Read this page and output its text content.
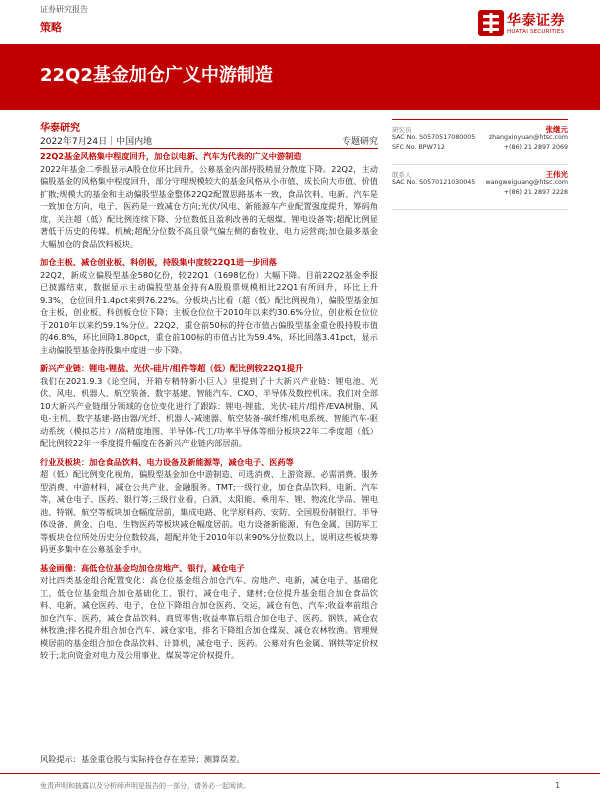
证券研究报告
策略	华泰证券
HUATAI SECURITIES
22Q2基金加仓广义中游制造
华泰研究
2022年7月24日｜中国内地	专题研究

22Q2基金风格集中程度回升，加仓以电新、汽车为代表的广义中游制造

2022年基金二季报显示A股仓位环比回升，公募基金内部持股稍显分散度下降。22Q2，主动偏股基金的风格集中程度回升，部分守理规模较大的基金风格从小市值、成长向大市值、价值扩散;规模大的基金和主动偏股型基金整体22Q2配置思路基本一致，食品饮料、电新、汽车是一致加仓方向，电子、医药是一致减仓方向;光伏/风电、新能源车产业配置强度提升，筹码角度，关注超（低）配比例连续下降、分位数低且盈利改善的无烟煤、锂电设备等;超配比例显著低于历史的传媒、机械;超配分位数不高且景气偏左侧的畜牧业、电力运营商;加仓最多基金大幅加仓的食品饮料板块。

加仓主板、减仓创业板、科创板，持股集中度较22Q1进一步回落

22Q2，新成立偏股型基金580亿份，较22Q1（1698亿份）大幅下降。目前22Q2基金季报已披露结束，数据显示主动偏股型基金持有A股股票规模相比22Q1有所回升，环比上升9.3%，仓位回升1.4pct来到76.22%。分板块占比看（超（低）配比例视角），偏股型基金加仓主板，创业板、科创板仓位下降；主板仓位位于2010年以来约30.6%分位，创业板仓位位于2010年以来约59.1%分位。22Q2，重仓前50标的持仓市值占偏股型基金重仓股持股市值的46.8%，环比回降1.80pct，重仓前100标的市值占比为59.4%，环比回落3.41pct，显示主动偏股型基金持股集中度进一步下降。

新兴产业链：锂电-锂盐、光伏-硅片/组件等超（低）配比例较22Q1提升

我们在2021.9.3《论空间，开箱专精特新小巨人》里提到了十大新兴产业链：锂电池、光伏、风电、机器人、航空装备、数字基建、智能汽车、CXO、半导体及数控机床。我们对全部10大新兴产业链细分领域的仓位变化进行了跟踪：锂电-锂盐、光伏-硅片/组件/EVA树脂、风电-主机、数字基建-路由器/光纤、机器人-减速器、航空装备-碳纤维/机电系统、智能汽车-驱动系统（模拟芯片）/高精度地图、半导体-代工/功率半导体等细分板块22年二季度超（低）配比例较22年一季度提升幅度在各新兴产业链内部居前。

行业及板块：加仓食品饮料、电力设备及新能源等，减仓电子、医药等

超（低）配比例变化视角，偏股型基金加仓中游制造、可选消费、上游资源、必需消费、服务型消费、中游材料，减仓公共产业、金融服务。TMT;一级行业，加仓食品饮料、电新、汽车等，减仓电子、医药、银行等;三级行业看，白酒、太阳能、乘用车、锂、物流化学品、锂电池、特钢、航空等板块加仓幅度居前，集成电路、化学原料药、安防、全国股份制银行、半导体设备、黄金、白电、生物医药等板块减仓幅度居前。电力设备新能源、有色金属、国防军工等板块仓位所处历史分位数较高，超配并处于2010年以来90%分位数以上，说明这些板块筹码更多集中在公募基金手中。

基金画像：高低仓位基金均加仓房地产、银行，减仓电子

对比四类基金组合配置变化：高仓位基金组合加仓汽车、房地产、电新，减仓电子、基础化工，低仓位基金组合加仓基础化工、银行，减仓电子、建材;仓位提升基金组合加仓食品饮料、电新，减仓医药、电子，仓位下降组合加仓医药、交运，减仓有色、汽车;收益率前组合加仓汽车、医药，减仓食品饮料、商贸零售;收益率靠后组合加仓电子、医药、钢铁，减仓农林牧渔;排名提升组合加仓汽车、减仓家电，排名下降组合加仓煤炭、减仓农林牧渔。管理规模居前的基金组合加仓食品饮料、计算机，减仓电子、医药。公募对有色金属、钢铁等定价权较于;北向资金对电力及公用事业、煤炭等定价权提升。

研究员	张继元
SAC No. S0570517080005 zhangxinyuan@htsc.com
SFC No. BPW712	+(86) 21 2897 2069
联系人	王伟光
SAC No. S0570121030045 wangweiguang@htsc.com
+(86) 21 2897 2228
风险提示：基金重仓股与实际持仓存在差异；测算误差。
免责声明和披露以及分析师声明是报告的一部分，请务必一起阅读。	1
